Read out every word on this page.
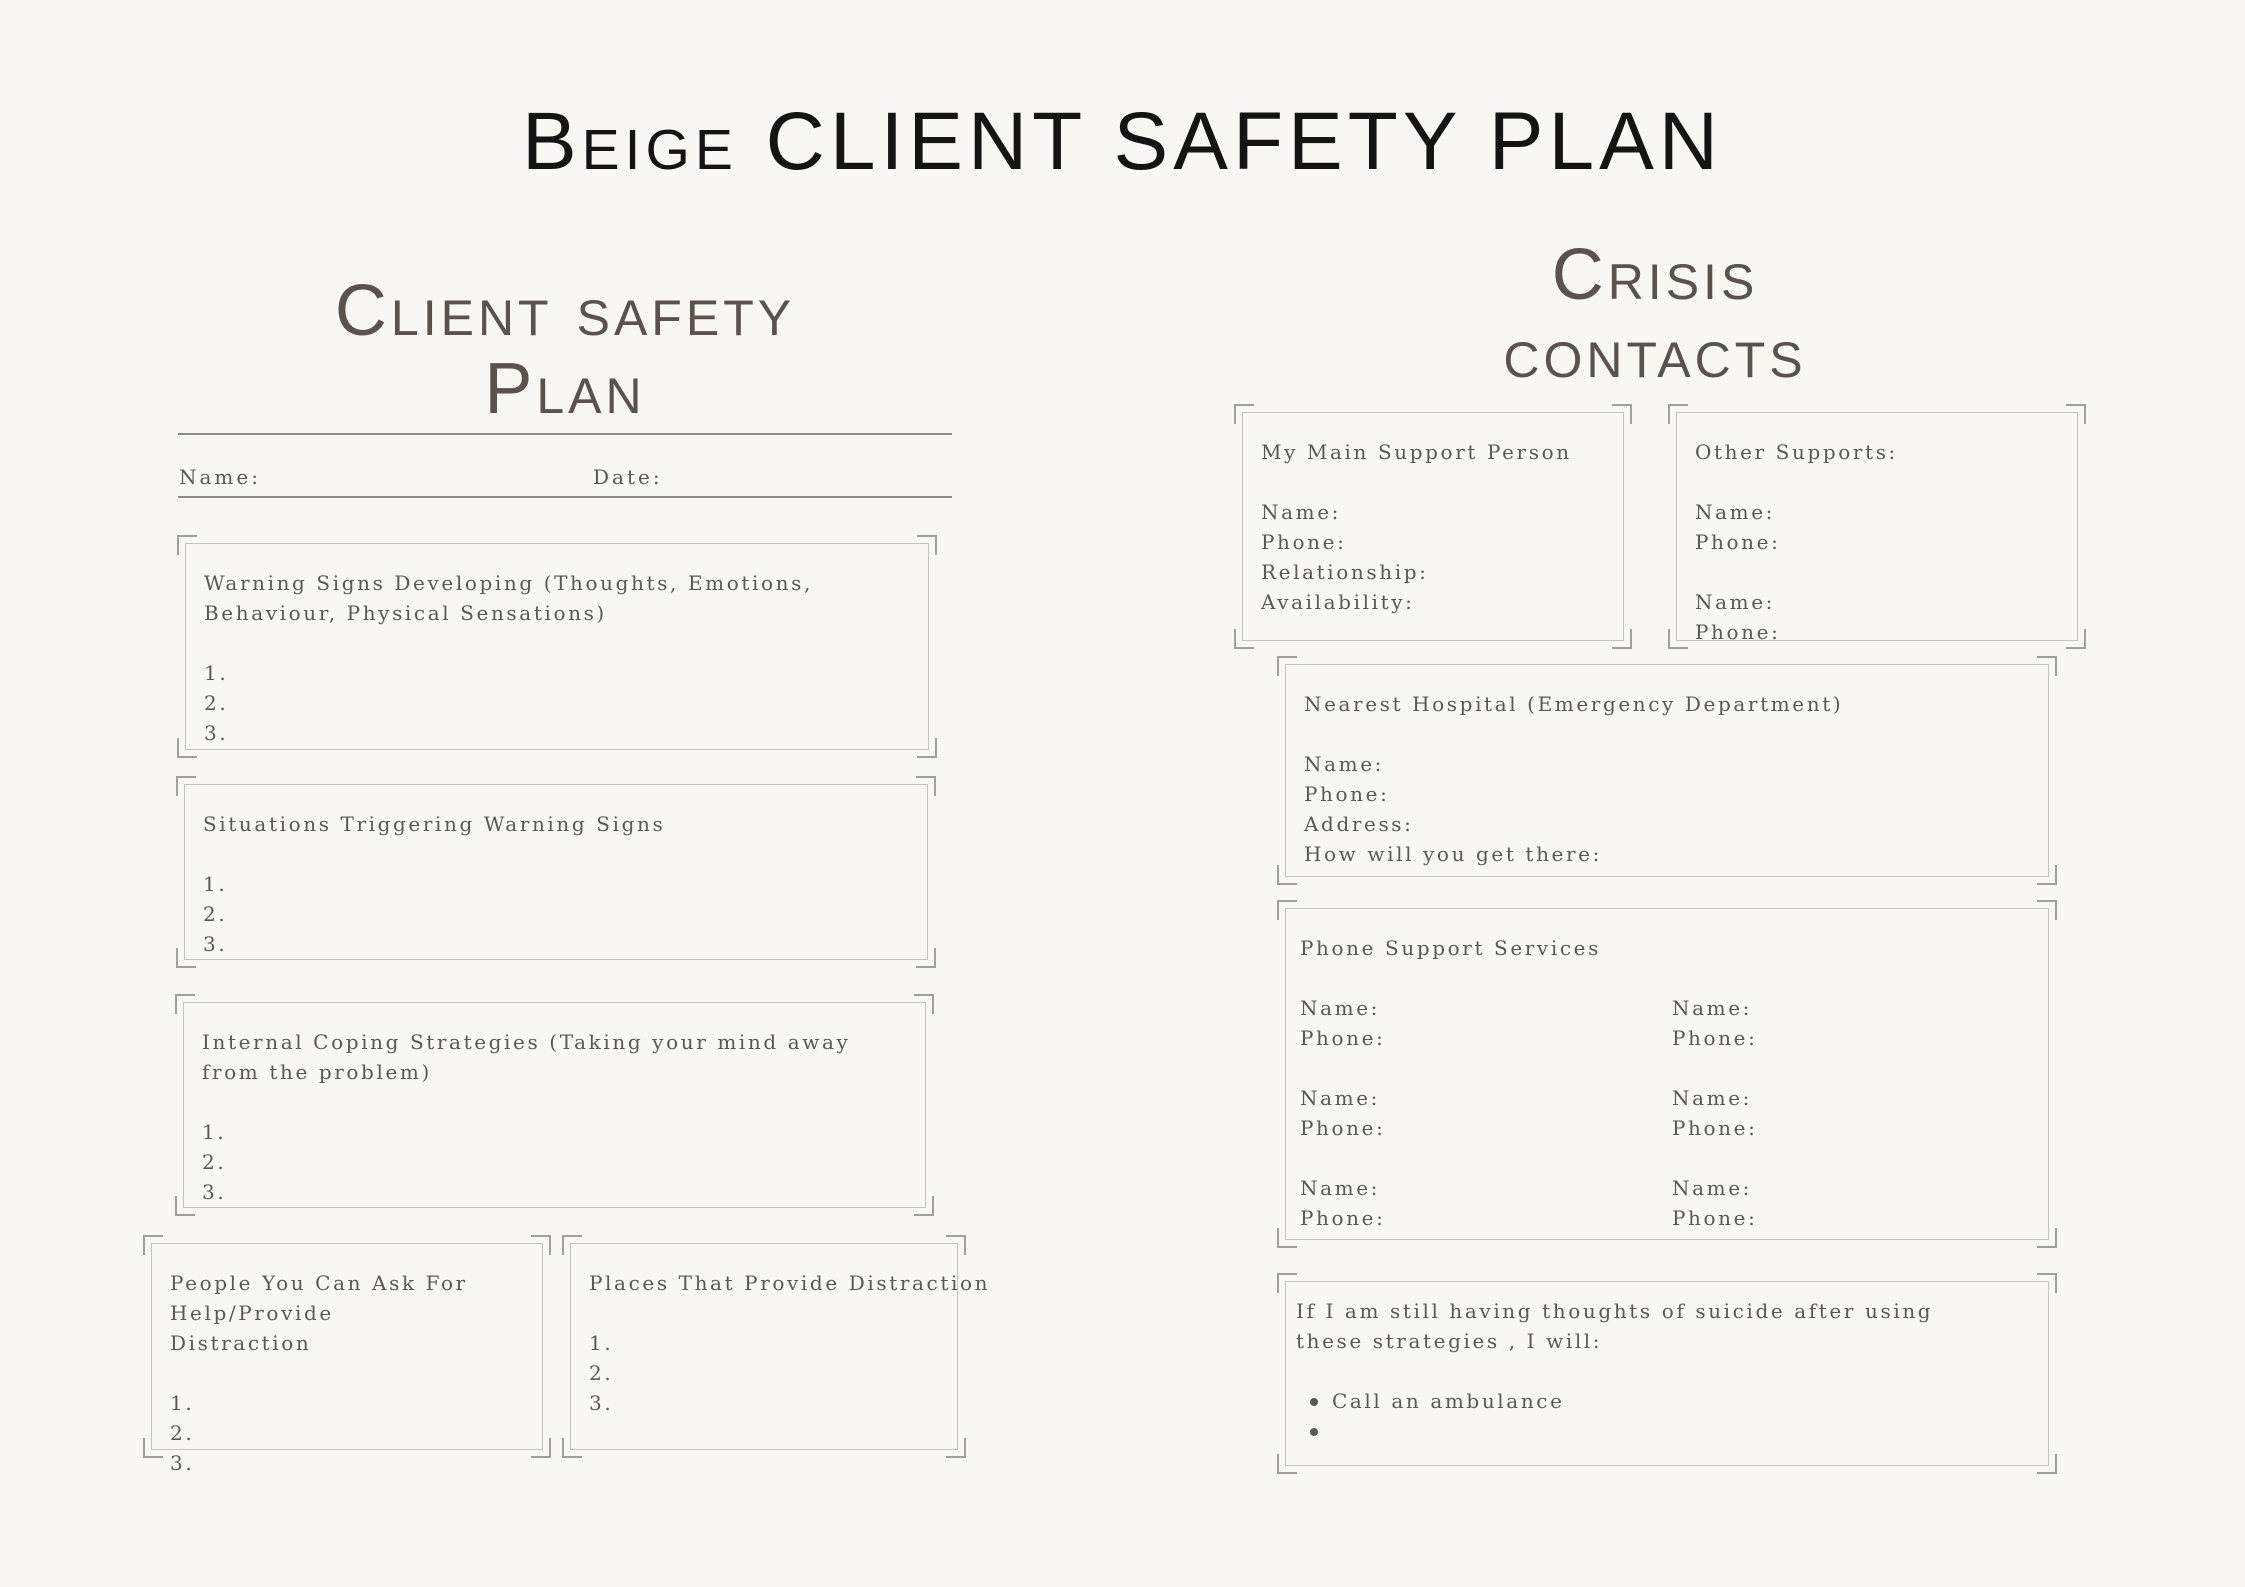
Beige CLIENT SAFETY PLAN
Client safety
Plan
Name:	Date:
Warning Signs Developing (Thoughts, Emotions, Behaviour, Physical Sensations)
1.
2.
3.
Situations Triggering Warning Signs
1.
2.
3.
Internal Coping Strategies (Taking your mind away from the problem)
1.
2.
3.
People You Can Ask For Help/Provide Distraction
1.
2.
3.
Places That Provide Distraction
1.
2.
3.
Crisis
contacts
My Main Support Person
Name:
Phone:
Relationship:
Availability:
Other Supports:
Name:
Phone:
Name:
Phone:
Nearest Hospital (Emergency Department)
Name:
Phone:
Address:
How will you get there:
Phone Support Services
Name:
Phone:
Name:
Phone:
Name:
Phone:
Name:
Phone:
Name:
Phone:
Name:
Phone:
If I am still having thoughts of suicide after using these strategies , I will:
Call an ambulance
